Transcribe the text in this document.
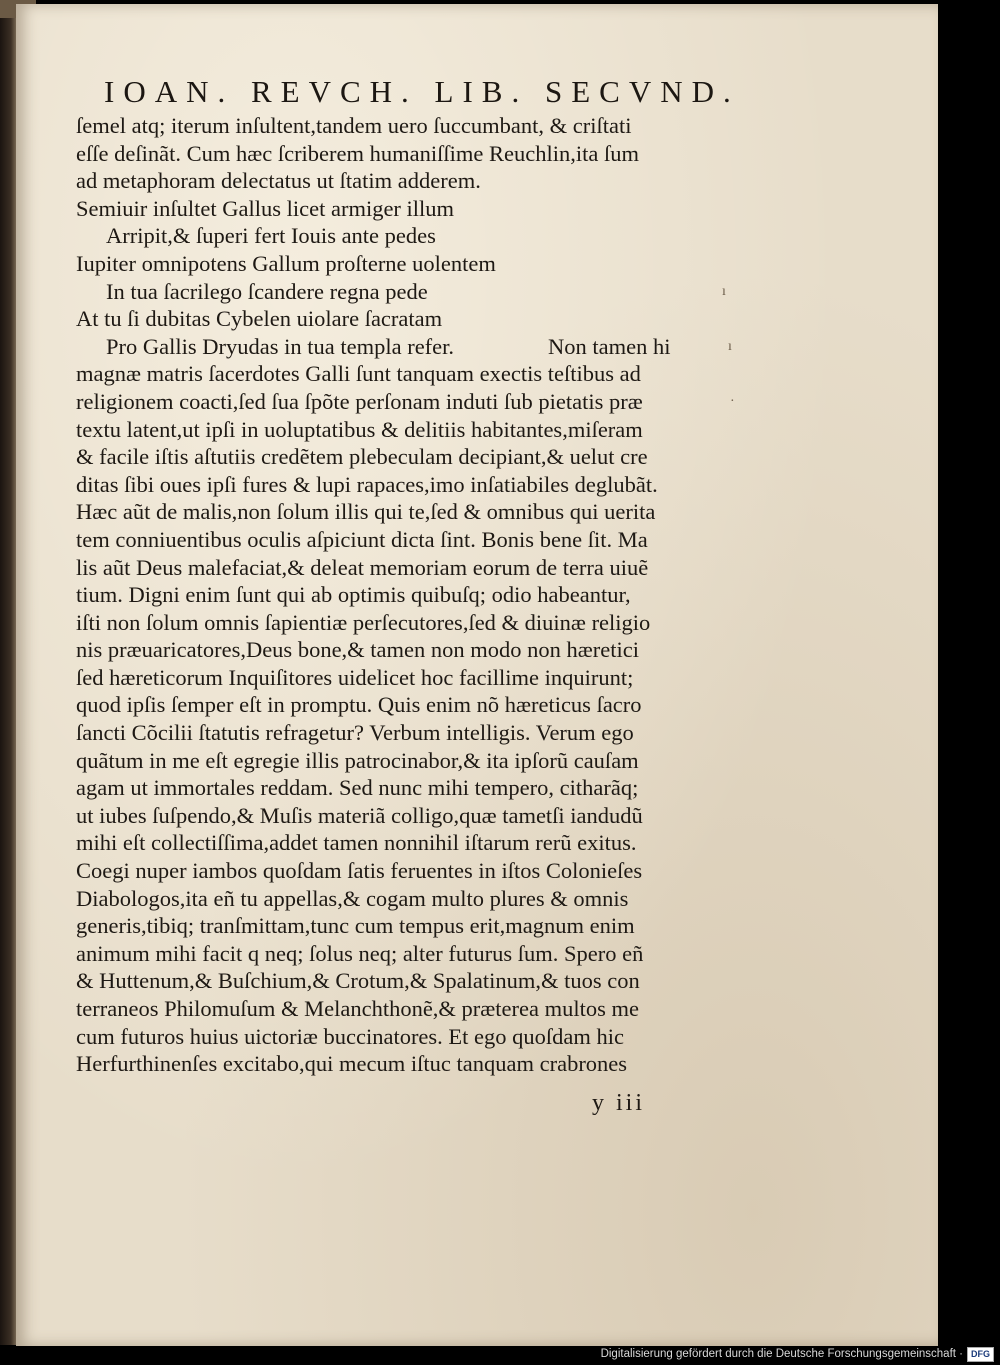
IOAN. REVCH. LIB. SECVND.
ſemel atq; iterum inſultent,tandem uero ſuccumbant, & criſtati
eſſe deſinãt. Cum hæc ſcriberem humaniſſime Reuchlin,ita ſum
ad metaphoram delectatus ut ſtatim adderem.
Semiuir inſultet Gallus licet armiger illum
Arripit,& ſuperi fert Iouis ante pedes
Iupiter omnipotens Gallum proſterne uolentem
In tua ſacrilego ſcandere regna pede
At tu ſi dubitas Cybelen uiolare ſacratam
Pro Gallis Dryudas in tua templa refer.	Non tamen hi
magnæ matris ſacerdotes Galli ſunt tanquam exectis teſtibus ad
religionem coacti,ſed ſua ſpõte perſonam induti ſub pietatis præ
textu latent,ut ipſi in uoluptatibus & delitiis habitantes,miſeram
& facile iſtis aſtutiis credẽtem plebeculam decipiant,& uelut cre
ditas ſibi oues ipſi fures & lupi rapaces,imo inſatiabiles deglubãt.
Hæc aũt de malis,non ſolum illis qui te,ſed & omnibus qui uerita
tem conniuentibus oculis aſpiciunt dicta ſint. Bonis bene ſit. Ma
lis aũt Deus malefaciat,& deleat memoriam eorum de terra uiuẽ
tium. Digni enim ſunt qui ab optimis quibuſq; odio habeantur,
iſti non ſolum omnis ſapientiæ perſecutores,ſed & diuinæ religio
nis præuaricatores,Deus bone,& tamen non modo non hæretici
ſed hæreticorum Inquiſitores uidelicet hoc facillime inquirunt;
quod ipſis ſemper eſt in promptu. Quis enim nõ hæreticus ſacro
ſancti Cõcilii ſtatutis refragetur? Verbum intelligis. Verum ego
quãtum in me eſt egregie illis patrocinabor,& ita ipſorũ cauſam
agam ut immortales reddam. Sed nunc mihi tempero, citharãq;
ut iubes ſuſpendo,& Muſis materiã colligo,quæ tametſi iandudũ
mihi eſt collectiſſima,addet tamen nonnihil iſtarum rerũ exitus.
Coegi nuper iambos quoſdam ſatis feruentes in iſtos Colonieſes
Diabologos,ita eñ tu appellas,& cogam multo plures & omnis
generis,tibiq; tranſmittam,tunc cum tempus erit,magnum enim
animum mihi facit q neq; ſolus neq; alter futurus ſum. Spero eñ
& Huttenum,& Buſchium,& Crotum,& Spalatinum,& tuos con
terraneos Philomuſum & Melanchthonẽ,& præterea multos me
cum futuros huius uictoriæ buccinatores. Et ego quoſdam hic
Herfurthinenſes excitabo,qui mecum iſtuc tanquam crabrones
y iii
ı
ı
·
Digitalisierung gefördert durch die Deutsche Forschungsgemeinschaft · DFG
